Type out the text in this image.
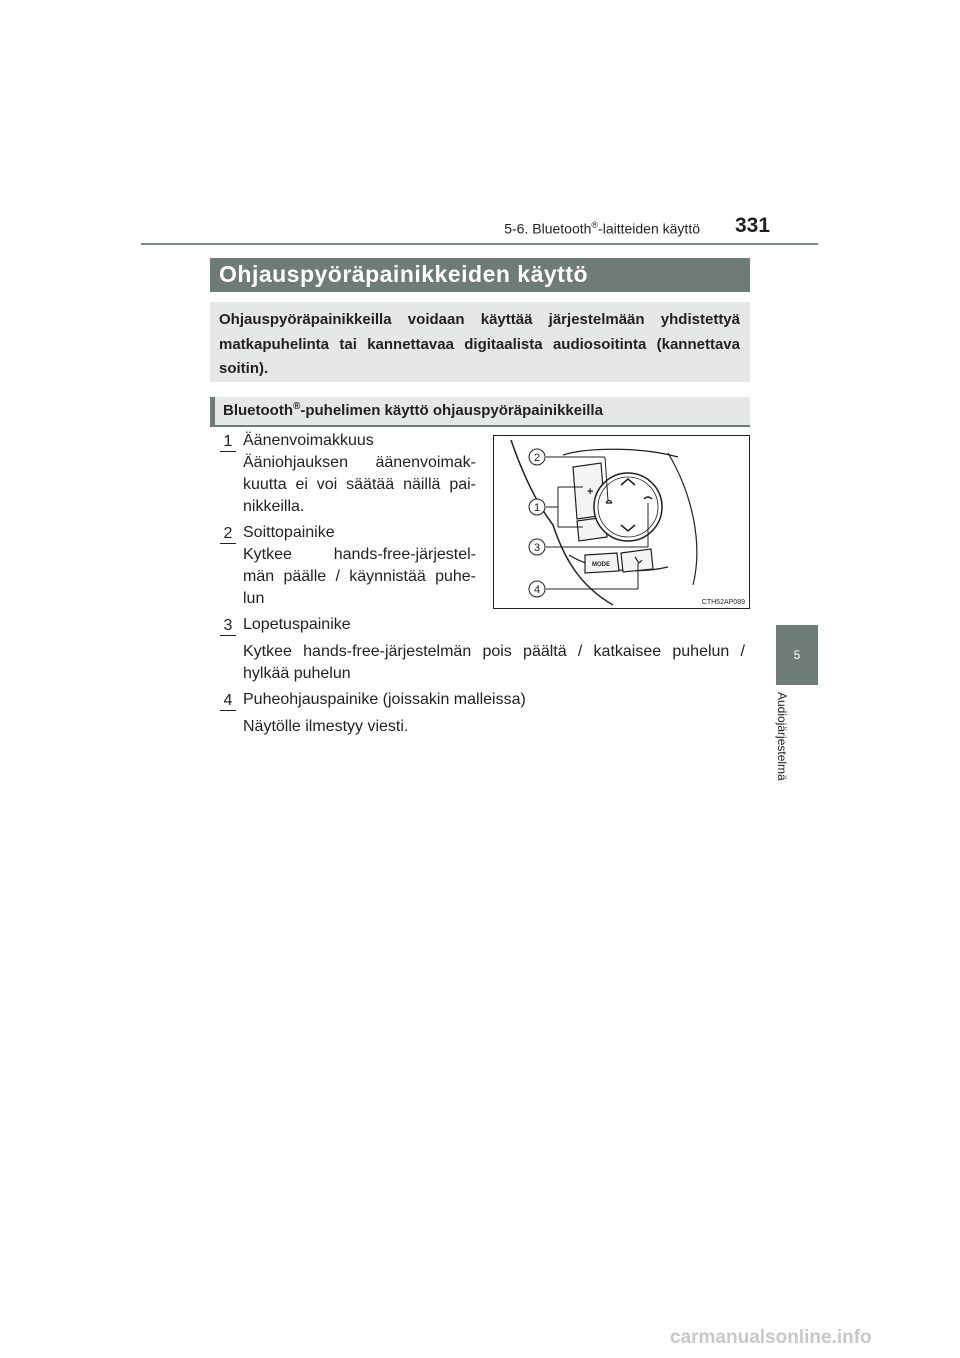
5-6. Bluetooth®-laitteiden käyttö 331
Ohjauspyöräpainikkeiden käyttö
Ohjauspyöräpainikkeilla voidaan käyttää järjestelmään yhdistettyä matkapuhelinta tai kannettavaa digitaalista audiosoitinta (kannettava soitin).
Bluetooth®-puhelimen käyttö ohjauspyöräpainikkeilla
1 Äänenvoimakkuus
Ääniohjauksen äänenvoimak-
kuutta ei voi säätää näillä pai-
nikkeilla.
2 Soittopainike
Kytkee hands-free-järjestel-
män päälle / käynnistää puhe-
lun
3 Lopetuspainike
Kytkee hands-free-järjestelmän pois päältä / katkaisee puhelun /
hylkää puhelun
4 Puheohjauspainike (joissakin malleissa)
Näytölle ilmestyy viesti.
+
MODE
2
1
3
4
CTH52AP089
5
Audiojärjestelmä
carmanualsonline.info
